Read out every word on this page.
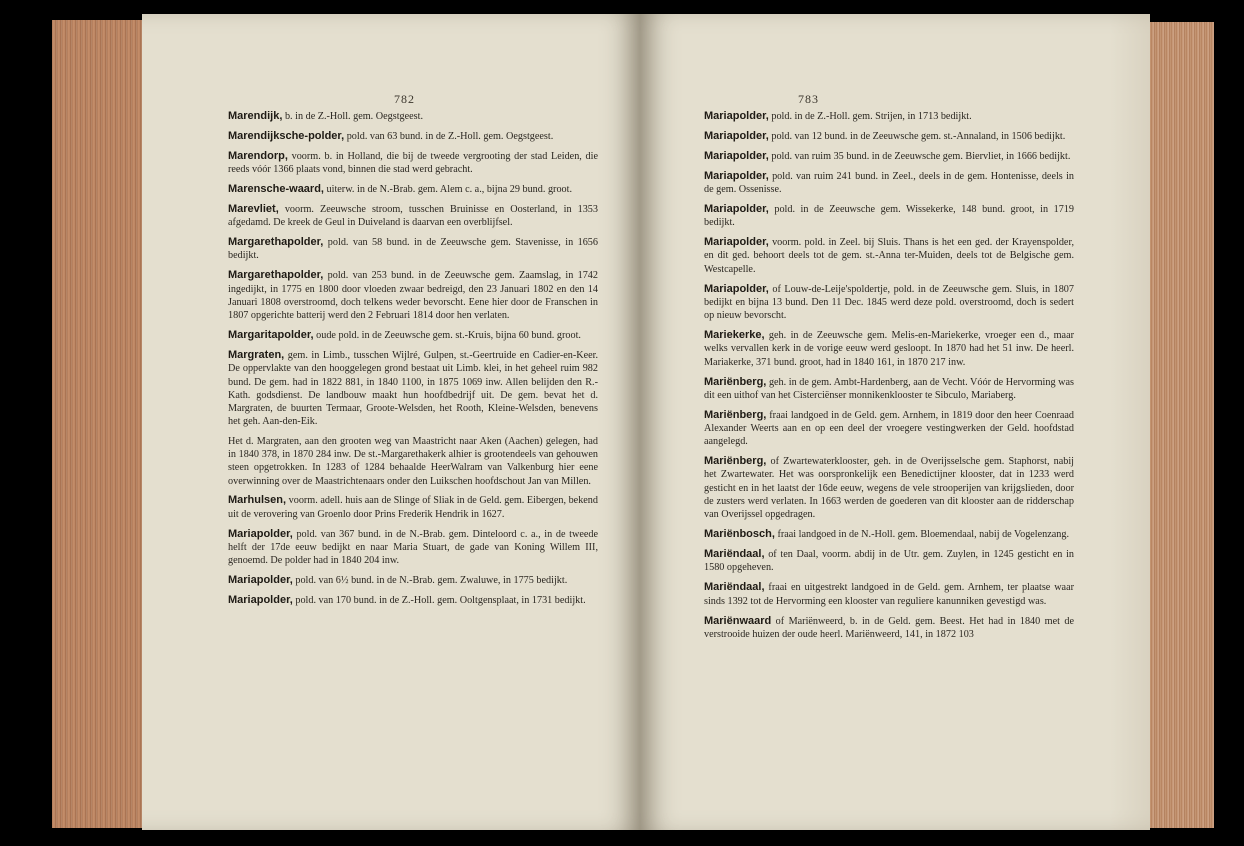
782

Marendijk, b. in de Z.-Holl. gem. Oegstgeest.

Marendijksche-polder, pold. van 63 bund. in de Z.-Holl. gem. Oegstgeest.

Marendorp, voorm. b. in Holland, die bij de tweede vergrooting der stad Leiden, die reeds vóór 1366 plaats vond, binnen die stad werd gebracht.

Marensche-waard, uiterw. in de N.-Brab. gem. Alem c. a., bijna 29 bund. groot.

Marevliet, voorm. Zeeuwsche stroom, tusschen Bruinisse en Oosterland, in 1353 afgedamd. De kreek de Geul in Duiveland is daarvan een overblijfsel.

Margarethapolder, pold. van 58 bund. in de Zeeuwsche gem. Stavenisse, in 1656 bedijkt.

Margarethapolder, pold. van 253 bund. in de Zeeuwsche gem. Zaamslag, in 1742 ingedijkt, in 1775 en 1800 door vloeden zwaar bedreigd, den 23 Januari 1802 en den 14 Januari 1808 overstroomd, doch telkens weder bevorscht. Eene hier door de Franschen in 1807 opgerichte batterij werd den 2 Februari 1814 door hen verlaten.

Margaritapolder, oude pold. in de Zeeuwsche gem. st.-Kruis, bijna 60 bund. groot.

Margraten, gem. in Limb., tusschen Wijlré, Gulpen, st.-Geertruide en Cadier-en-Keer. De oppervlakte van den hooggelegen grond bestaat uit Limb. klei, in het geheel ruim 982 bund. De gem. had in 1822 881, in 1840 1100, in 1875 1069 inw. Allen belijden den R.-Kath. godsdienst. De landbouw maakt hun hoofdbedrijf uit. De gem. bevat het d. Margraten, de buurten Termaar, Groote-Welsden, het Rooth, Kleine-Welsden, benevens het geh. Aan-den-Eik.

Het d. Margraten, aan den grooten weg van Maastricht naar Aken (Aachen) gelegen, had in 1840 378, in 1870 284 inw. De st.-Margarethakerk alhier is grootendeels van gehouwen steen opgetrokken. In 1283 of 1284 behaalde HeerWalram van Valkenburg hier eene overwinning over de Maastrichtenaars onder den Luikschen hoofdschout Jan van Millen.

Marhulsen, voorm. adell. huis aan de Slinge of Sliak in de Geld. gem. Eibergen, bekend uit de verovering van Groenlo door Prins Frederik Hendrik in 1627.

Mariapolder, pold. van 367 bund. in de N.-Brab. gem. Dinteloord c. a., in de tweede helft der 17de eeuw bedijkt en naar Maria Stuart, de gade van Koning Willem III, genoemd. De polder had in 1840 204 inw.

Mariapolder, pold. van 6½ bund. in de N.-Brab. gem. Zwaluwe, in 1775 bedijkt.

Mariapolder, pold. van 170 bund. in de Z.-Holl. gem. Ooltgensplaat, in 1731 bedijkt.

783

Mariapolder, pold. in de Z.-Holl. gem. Strijen, in 1713 bedijkt.

Mariapolder, pold. van 12 bund. in de Zeeuwsche gem. st.-Annaland, in 1506 bedijkt.

Mariapolder, pold. van ruim 35 bund. in de Zeeuwsche gem. Biervliet, in 1666 bedijkt.

Mariapolder, pold. van ruim 241 bund. in Zeel., deels in de gem. Hontenisse, deels in de gem. Ossenisse.

Mariapolder, pold. in de Zeeuwsche gem. Wissekerke, 148 bund. groot, in 1719 bedijkt.

Mariapolder, voorm. pold. in Zeel. bij Sluis. Thans is het een ged. der Krayenspolder, en dit ged. behoort deels tot de gem. st.-Anna ter-Muiden, deels tot de Belgische gem. Westcapelle.

Mariapolder, of Louw-de-Leije'spoldertje, pold. in de Zeeuwsche gem. Sluis, in 1807 bedijkt en bijna 13 bund. Den 11 Dec. 1845 werd deze pold. overstroomd, doch is sedert op nieuw bevorscht.

Mariekerke, geh. in de Zeeuwsche gem. Melis-en-Mariekerke, vroeger een d., maar welks vervallen kerk in de vorige eeuw werd gesloopt. In 1870 had het 51 inw. De heerl. Mariakerke, 371 bund. groot, had in 1840 161, in 1870 217 inw.

Mariënberg, geh. in de gem. Ambt-Hardenberg, aan de Vecht. Vóór de Hervorming was dit een uithof van het Cisterciënser monnikenklooster te Sibculo, Mariaberg.

Mariënberg, fraai landgoed in de Geld. gem. Arnhem, in 1819 door den heer Coenraad Alexander Weerts aan en op een deel der vroegere vestingwerken der Geld. hoofdstad aangelegd.

Mariënberg, of Zwartewaterklooster, geh. in de Overijsselsche gem. Staphorst, nabij het Zwartewater. Het was oorspronkelijk een Benedictijner klooster, dat in 1233 werd gesticht en in het laatst der 16de eeuw, wegens de vele strooperijen van krijgslieden, door de zusters werd verlaten. In 1663 werden de goederen van dit klooster aan de ridderschap van Overijssel opgedragen.

Mariënbosch, fraai landgoed in de N.-Holl. gem. Bloemendaal, nabij de Vogelenzang.

Mariëndaal, of ten Daal, voorm. abdij in de Utr. gem. Zuylen, in 1245 gesticht en in 1580 opgeheven.

Mariëndaal, fraai en uitgestrekt landgoed in de Geld. gem. Arnhem, ter plaatse waar sinds 1392 tot de Hervorming een klooster van reguliere kanunniken gevestigd was.

Mariënwaard of Mariënweerd, b. in de Geld. gem. Beest. Het had in 1840 met de verstrooide huizen der oude heerl. Mariënweerd, 141, in 1872 103
